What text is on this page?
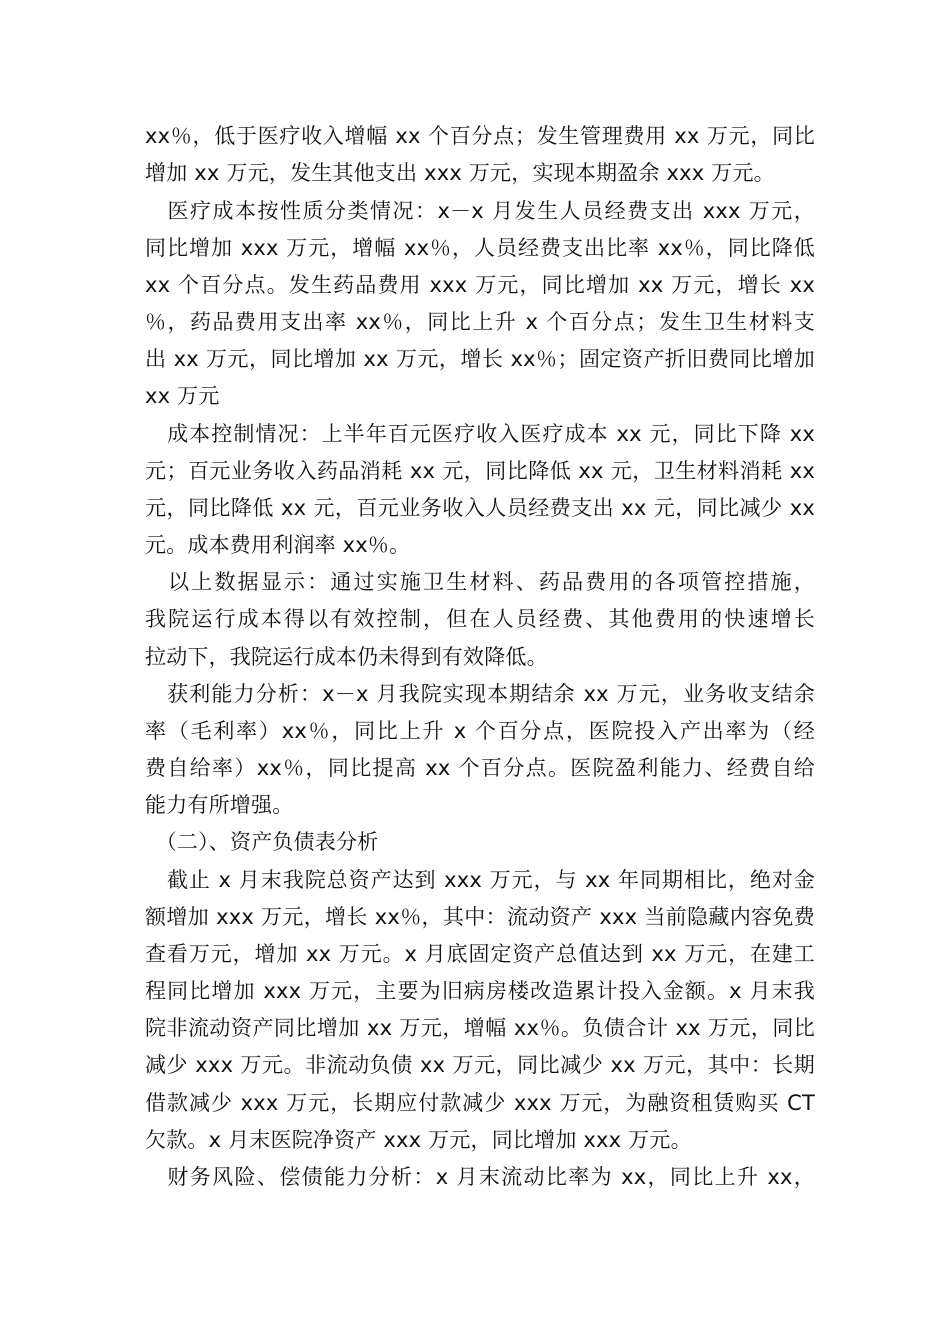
xx％，低于医疗收入增幅 xx 个百分点；发生管理费用 xx 万元，同比
增加 xx 万元，发生其他支出 xxx 万元，实现本期盈余 xxx 万元。
　医疗成本按性质分类情况：x－x 月发生人员经费支出 xxx 万元，
同比增加 xxx 万元，增幅 xx％，人员经费支出比率 xx％，同比降低
xx 个百分点。发生药品费用 xxx 万元，同比增加 xx 万元，增长 xx
％，药品费用支出率 xx％，同比上升 x 个百分点；发生卫生材料支
出 xx 万元，同比增加 xx 万元，增长 xx％；固定资产折旧费同比增加
xx 万元
　成本控制情况：上半年百元医疗收入医疗成本 xx 元，同比下降 xx
元；百元业务收入药品消耗 xx 元，同比降低 xx 元，卫生材料消耗 xx
元，同比降低 xx 元，百元业务收入人员经费支出 xx 元，同比减少 xx
元。成本费用利润率 xx％。
　以上数据显示：通过实施卫生材料、药品费用的各项管控措施，
我院运行成本得以有效控制，但在人员经费、其他费用的快速增长
拉动下，我院运行成本仍未得到有效降低。
　获利能力分析：x－x 月我院实现本期结余 xx 万元，业务收支结余
率（毛利率）xx％，同比上升 x 个百分点，医院投入产出率为（经
费自给率）xx％，同比提高 xx 个百分点。医院盈利能力、经费自给
能力有所增强。
　（二）、资产负债表分析
　截止 x 月末我院总资产达到 xxx 万元，与 xx 年同期相比，绝对金
额增加 xxx 万元，增长 xx％，其中：流动资产 xxx 当前隐藏内容免费
查看万元，增加 xx 万元。x 月底固定资产总值达到 xx 万元，在建工
程同比增加 xxx 万元，主要为旧病房楼改造累计投入金额。x 月末我
院非流动资产同比增加 xx 万元，增幅 xx％。负债合计 xx 万元，同比
减少 xxx 万元。非流动负债 xx 万元，同比减少 xx 万元，其中：长期
借款减少 xxx 万元，长期应付款减少 xxx 万元，为融资租赁购买 CT
欠款。x 月末医院净资产 xxx 万元，同比增加 xxx 万元。
　财务风险、偿债能力分析：x 月末流动比率为 xx，同比上升 xx，
